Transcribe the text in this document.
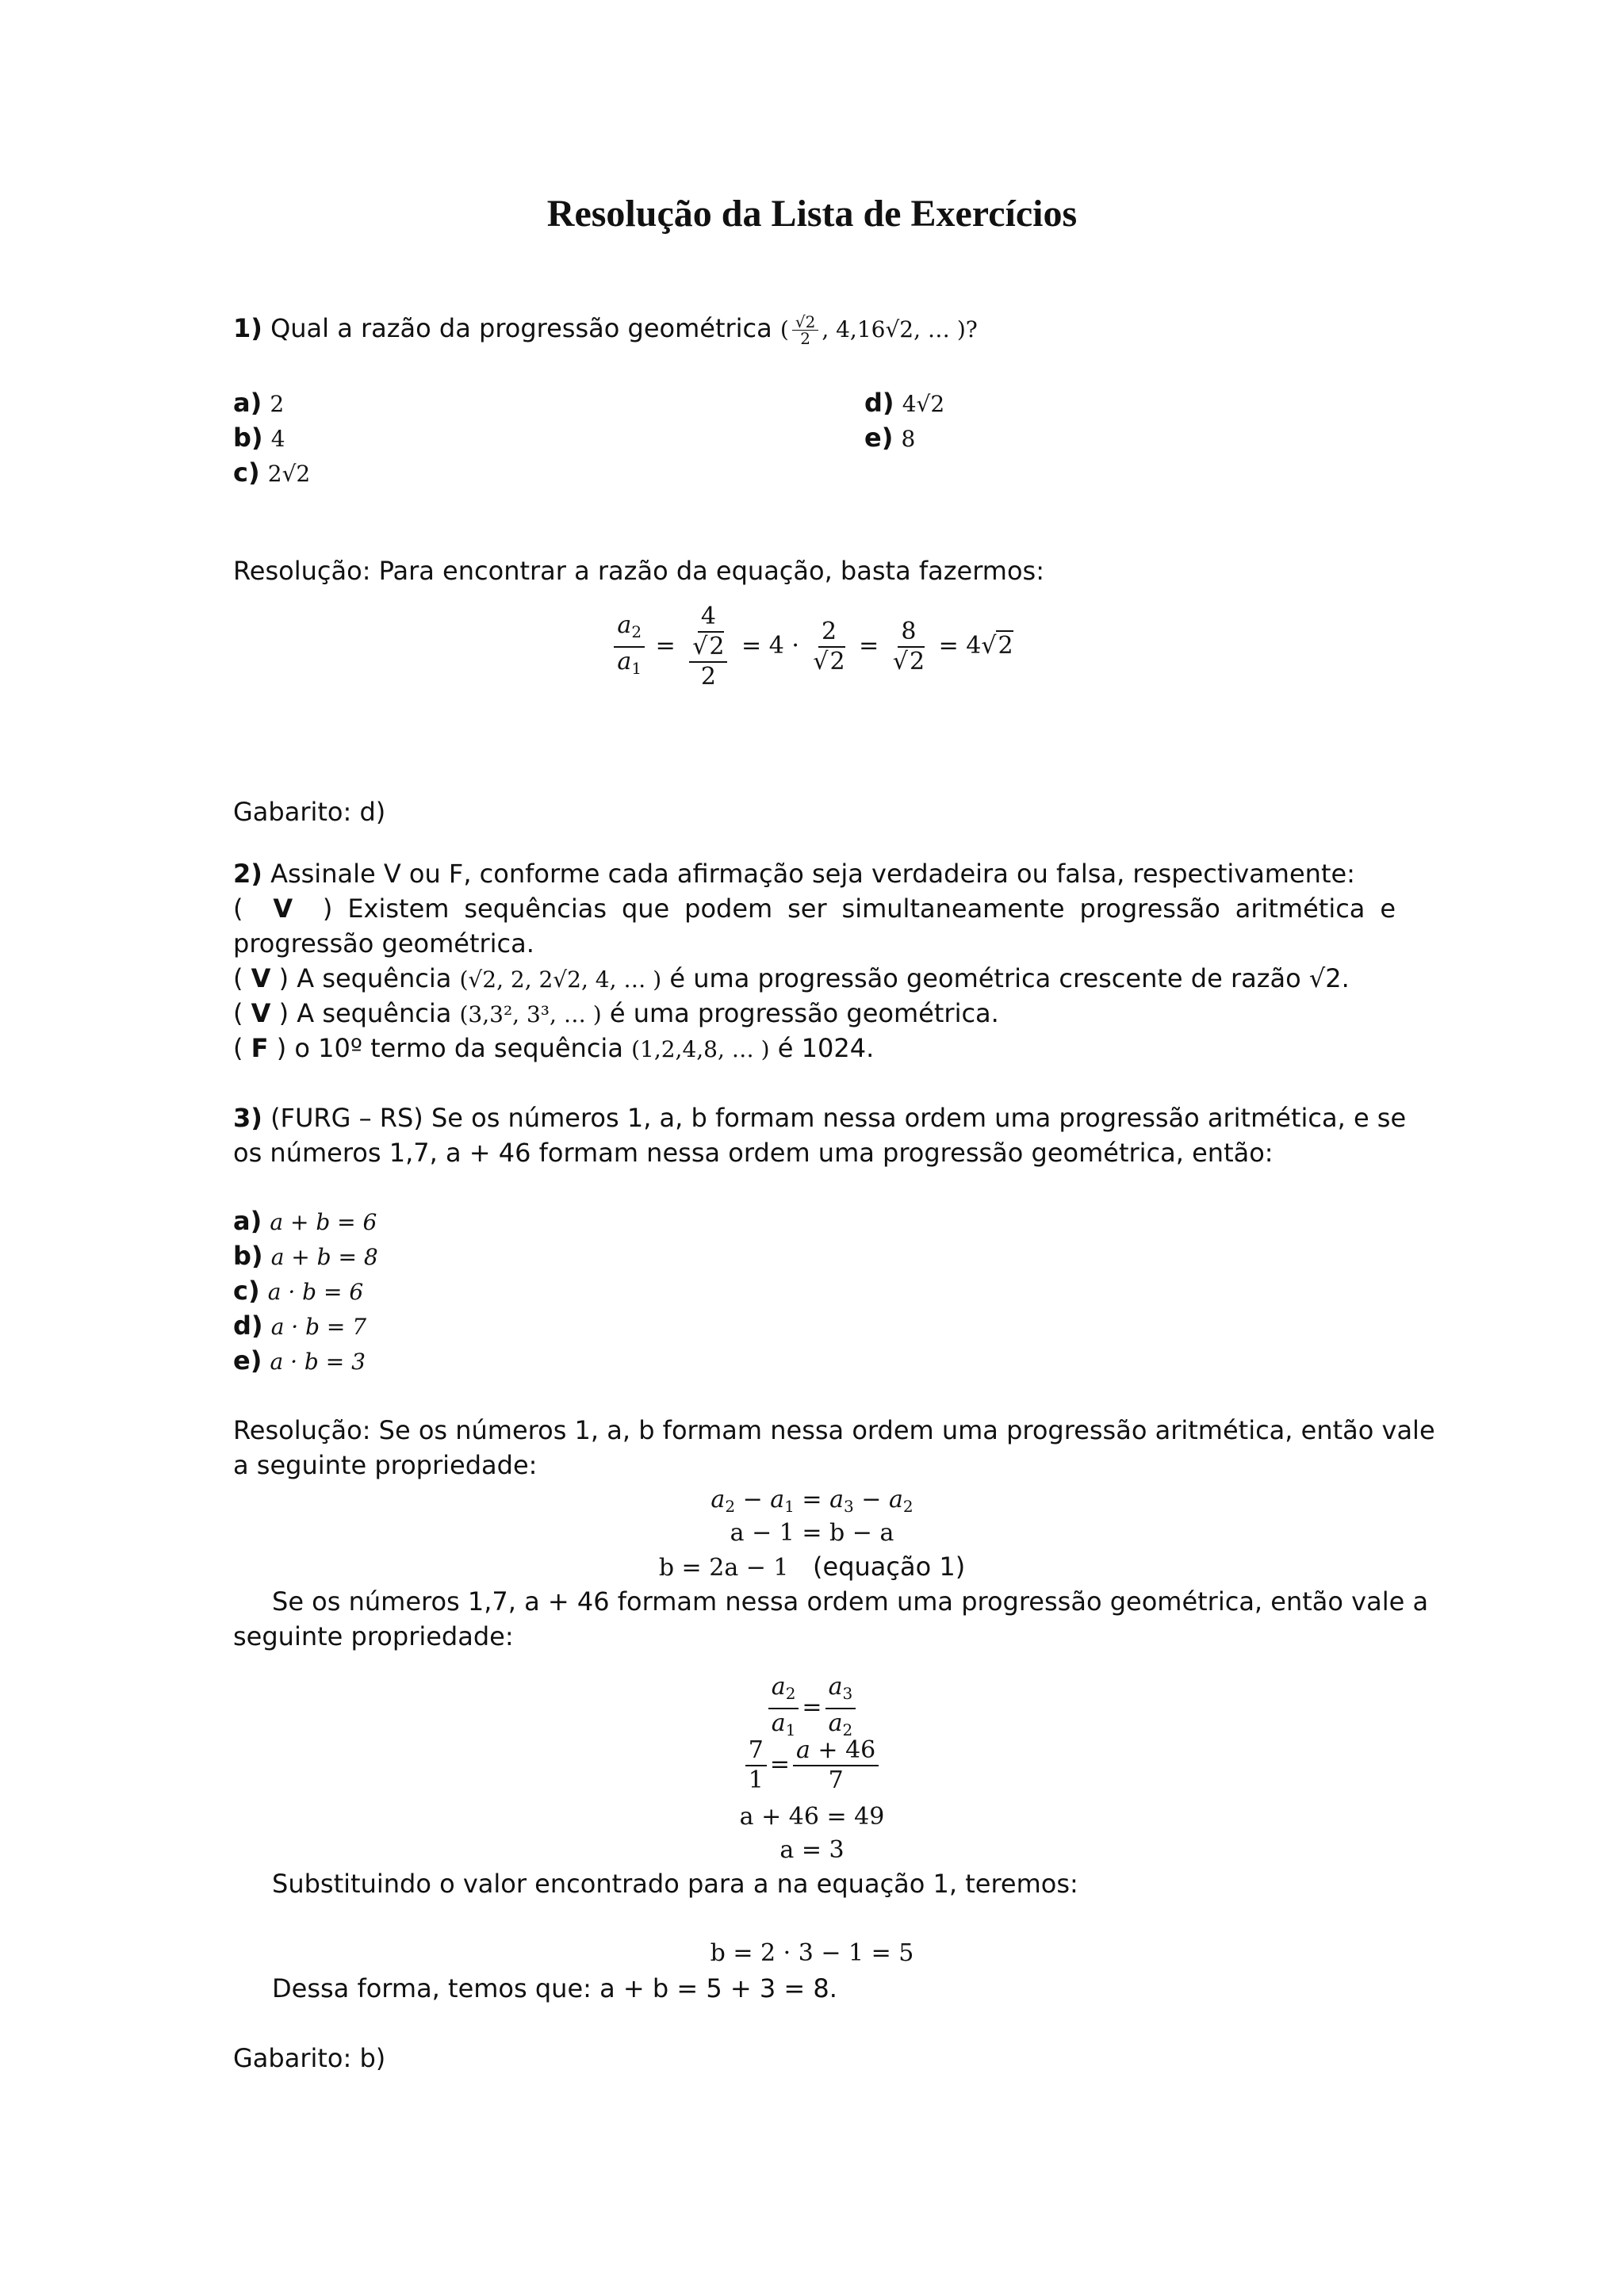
Resolução da Lista de Exercícios
1) Qual a razão da progressão geométrica ( $\frac{√2}{2}$ , 4,16√2, … )?
a) 2
b) 4
c) 2√2
d) 4√2
e) 8
Resolução: Para encontrar a razão da equação, basta fazermos:
$\frac{a_2}{a_1} = \frac{4}{\frac{√2}{2}} = 4 \cdot \frac{2}{√2} = \frac{8}{√2} = 4√2$
Gabarito: d)
2) Assinale V ou F, conforme cada afirmação seja verdadeira ou falsa, respectivamente:
(  V  ) Existem sequências que podem ser simultaneamente progressão aritmética e
progressão geométrica.
( V ) A sequência (√2, 2, 2√2, 4, … ) é uma progressão geométrica crescente de razão √2.
( V ) A sequência (3,3², 3³, … ) é uma progressão geométrica.
( F ) o 10º termo da sequência (1,2,4,8, … ) é 1024.
3) (FURG – RS) Se os números 1, a, b formam nessa ordem uma progressão aritmética, e se
os números 1,7, a + 46 formam nessa ordem uma progressão geométrica, então:
a) a + b = 6
b) a + b = 8
c) a · b = 6
d) a · b = 7
e) a · b = 3
Resolução: Se os números 1, a, b formam nessa ordem uma progressão aritmética, então vale
a seguinte propriedade:
$a_2 - a_1 = a_3 - a_2$
a − 1 = b − a
b = 2a − 1 (equação 1)
Se os números 1,7, a + 46 formam nessa ordem uma progressão geométrica, então vale a
seguinte propriedade:
$\frac{a_2}{a_1} = \frac{a_3}{a_2}$
$\frac{7}{1} = \frac{a + 46}{7}$
a + 46 = 49
a = 3
Substituindo o valor encontrado para a na equação 1, teremos:
b = 2 · 3 − 1 = 5
Dessa forma, temos que: a + b = 5 + 3 = 8.
Gabarito: b)
